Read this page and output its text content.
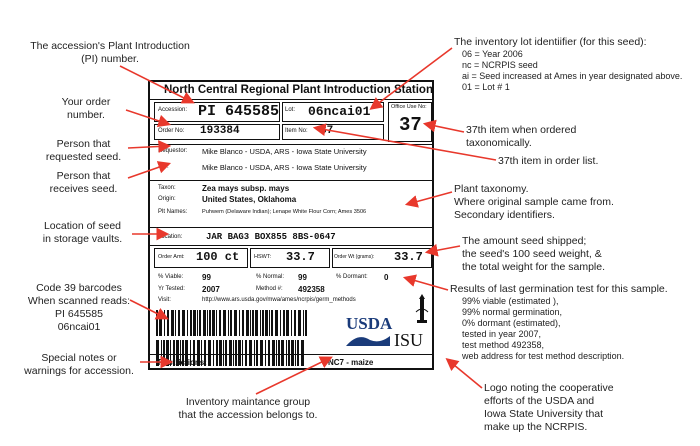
The accession's Plant Introduction
(PI) number.
Your order
number.
Person that
requested seed.
Person that
receives seed.
Location of seed
in storage vaults.
Code 39 barcodes
When scanned reads:
PI 645585
06ncai01
Special notes or
warnings for accession.
Inventory maintance group
that the accession belongs to.
The inventory lot identiifier (for this seed):
06 = Year 2006
nc = NCRPIS seed
ai = Seed increased at Ames in year designated above.
01 = Lot # 1
37th item when ordered
taxonomically.
37th item in order list.
Plant taxonomy.
Where original sample came from.
Secondary identifiers.
The amount seed shipped;
the seed's 100 seed weight, &
the total weight for the sample.
Results of last germination test for this sample.
99% viable (estimated ),
99% normal germination,
0% dormant (estimated),
tested in year 2007,
test method 492358,
web address for test method description.
Logo noting the cooperative
efforts of the USDA and
Iowa State University that
make up the NCRPIS.
North Central Regional Plant Introduction Station
Accession: PI 645585 Lot: 06ncai01	Office Use No:
37
Order No: 193384	Item No: 37
Requestor: Mike Blanco - USDA, ARS - Iowa State University
For:	Mike Blanco - USDA, ARS - Iowa State University
Taxon:	Zea mays subsp. mays
Origin:	United States, Oklahoma
Plt Names:	Puhwem (Delaware Indian); Lenape White Flour Corn; Ames 3506
Location:	JAR BAG3 BOX855 8BS-0647
Order Amt: 100 ct	HSWT: 33.7	Order Wt (grams): 33.7
% Viable: 99	% Normal: 99	% Dormant: 0
Yr Tested: 2007	Method #: 492358
Visit:	http://www.ars.usda.gov/mwa/ames/ncrpis/germ_methods
USDA
ISU
Restrictions:	NC7 - maize
